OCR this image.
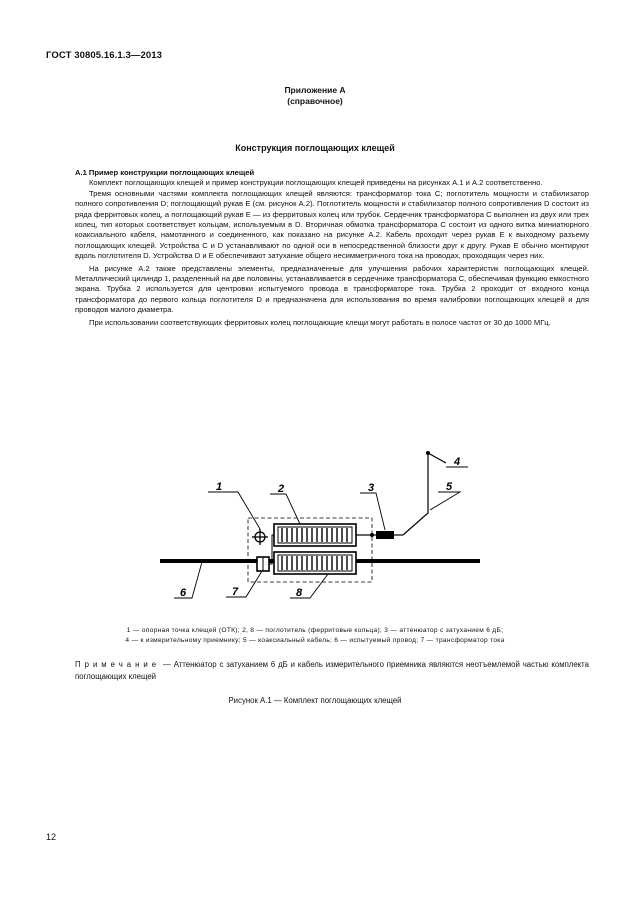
ГОСТ 30805.16.1.3—2013
Приложение А
(справочное)
Конструкция поглощающих клещей

А.1 Пример конструкции поглощающих клещей

Комплект поглощающих клещей и пример конструкции поглощающих клещей приведены на рисунках А.1 и А.2 соответственно.

Тремя основными частями комплекта поглощающих клещей являются: трансформатор тока C; поглотитель мощности и стабилизатор полного сопротивления D; поглощающий рукав E (см. рисунок А.2). Поглотитель мощности и стабилизатор полного сопротивления D состоит из ряда ферритовых колец, а поглощающий рукав E — из ферритовых колец или трубок. Сердечник трансформатора C выполнен из двух или трех колец, тип которых соответствует кольцам, используемым в D. Вторичная обмотка трансформатора C состоит из одного витка миниатюрного коаксиального кабеля, намотанного и соединенного, как показано на рисунке А.2. Кабель проходит через рукав E к выходному разъему поглощающих клещей. Устройства C и D устанавливают по одной оси в непосредственной близости друг к другу. Рукав E обычно монтируют вдоль поглотителя D. Устройства D и E обеспечивают затухание общего несимметричного тока на проводах, проходящих через них.

На рисунке А.2 также представлены элементы, предназначенные для улучшения рабочих характеристик поглощающих клещей. Металлический цилиндр 1, разделенный на две половины, устанавливается в сердечнике трансформатора C, обеспечивая функцию емкостного экрана. Трубка 2 используется для центровки испытуемого провода в трансформаторе тока. Трубка 2 проходит от входного конца трансформатора до первого кольца поглотителя D и предназначена для использования во время калибровки поглощающих клещей и для проводов малого диаметра.

При использовании соответствующих ферритовых колец поглощающие клещи могут работать в полосе частот от 30 до 1000 МГц.

1	2	3
4
5
6	7	8
1 — опорная точка клещей (ОТК); 2, 8 — поглотитель (ферритовые кольца); 3 — аттенюатор с затуханием 6 дБ;
4 — к измерительному приемнику; 5 — коаксиальный кабель; 6 — испытуемый провод; 7 — трансформатор тока
Примечание — Аттенюатор с затуханием 6 дБ и кабель измерительного приемника являются неотъемлемой частью комплекта поглощающих клещей
Рисунок А.1 — Комплект поглощающих клещей
12
